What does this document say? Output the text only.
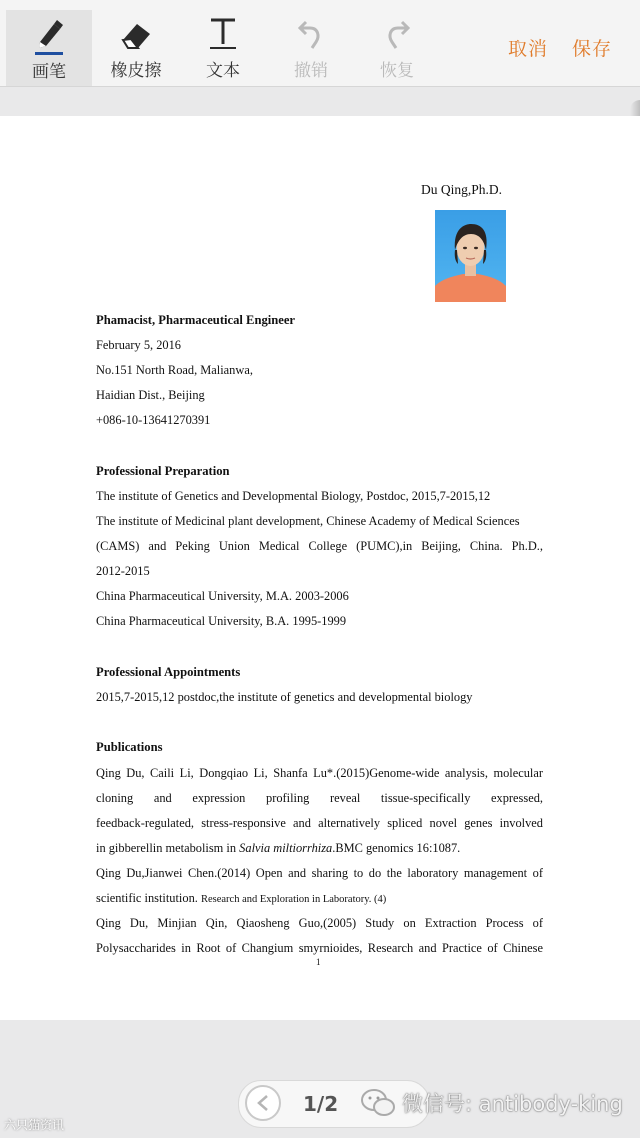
画笔	橡皮擦	文本	撤销	恢复
取消 保存
Du Qing,Ph.D.
Phamacist, Pharmaceutical Engineer
February 5, 2016
No.151 North Road, Malianwa,
Haidian Dist., Beijing
+086-10-13641270391
Professional Preparation
The institute of Genetics and Developmental Biology, Postdoc, 2015,7-2015,12
The institute of Medicinal plant development, Chinese Academy of Medical Sciences
(CAMS) and Peking Union Medical College (PUMC),in Beijing, China. Ph.D.,
2012-2015
China Pharmaceutical University, M.A. 2003-2006
China Pharmaceutical University, B.A. 1995-1999
Professional Appointments
2015,7-2015,12 postdoc,the institute of genetics and developmental biology
Publications
Qing Du, Caili Li, Dongqiao Li, Shanfa Lu*.(2015)Genome-wide analysis, molecular
cloning and expression profiling reveal tissue-specifically expressed,
feedback-regulated, stress-responsive and alternatively spliced novel genes involved
in gibberellin metabolism in Salvia miltiorrhiza.BMC genomics 16:1087.
Qing Du,Jianwei Chen.(2014) Open and sharing to do the laboratory management of
scientific institution. Research and Exploration in Laboratory. (4)
Qing Du, Minjian Qin, Qiaosheng Guo,(2005) Study on Extraction Process of
Polysaccharides in Root of Changium smyrnioides, Research and Practice of Chinese
1
1/2	微信号: antibody-king
六只猫资讯
